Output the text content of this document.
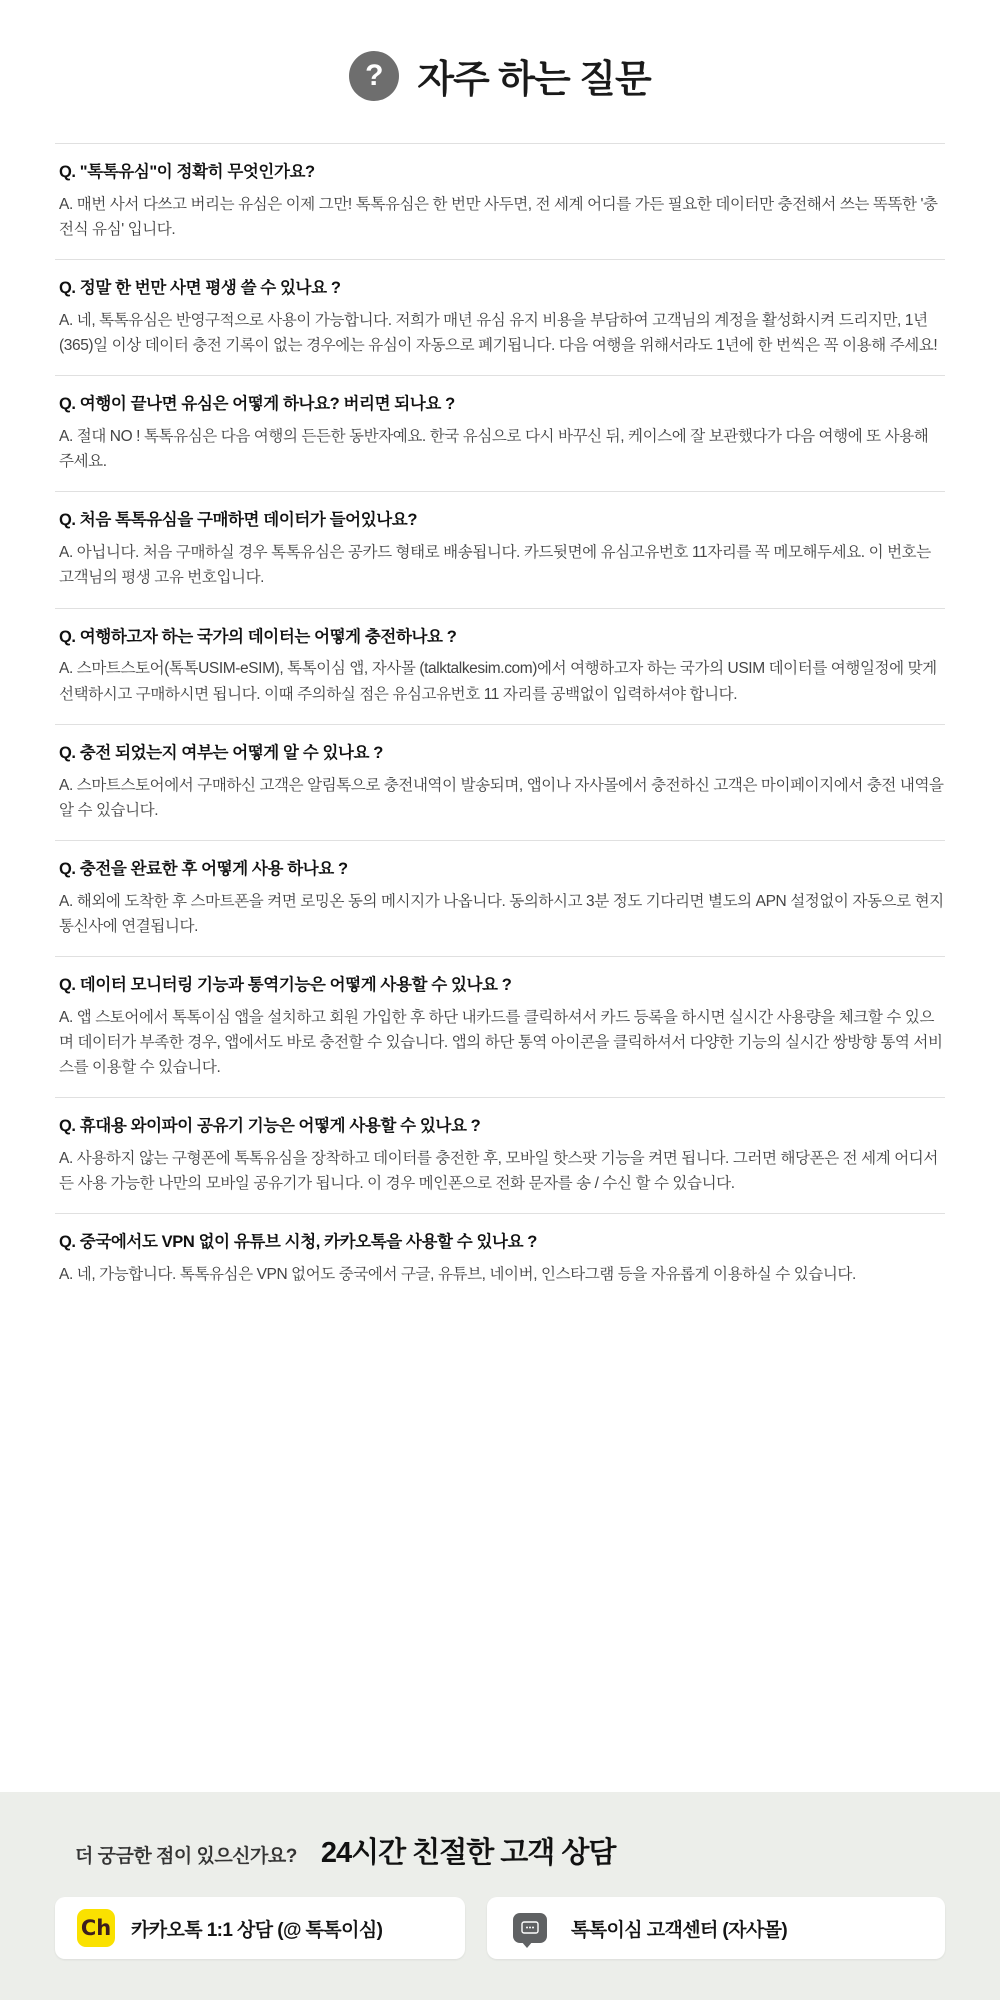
? 자주 하는 질문
Q. "톡톡유심"이 정확히 무엇인가요?
A. 매번 사서 다쓰고 버리는 유심은 이제 그만! 톡톡유심은 한 번만 사두면, 전 세계 어디를 가든 필요한 데이터만 충전해서 쓰는 똑똑한 '충전식 유심' 입니다.
Q. 정말 한 번만 사면 평생 쓸 수 있나요 ?
A. 네, 톡톡유심은 반영구적으로 사용이 가능합니다. 저희가 매년 유심 유지 비용을 부담하여 고객님의 계정을 활성화시켜 드리지만, 1년(365)일 이상 데이터 충전 기록이 없는 경우에는 유심이 자동으로 폐기됩니다. 다음 여행을 위해서라도 1년에 한 번씩은 꼭 이용해 주세요!
Q. 여행이 끝나면 유심은 어떻게 하나요? 버리면 되나요 ?
A. 절대 NO ! 톡톡유심은 다음 여행의 든든한 동반자예요. 한국 유심으로 다시 바꾸신 뒤, 케이스에 잘 보관했다가 다음 여행에 또 사용해 주세요.
Q. 처음 톡톡유심을 구매하면 데이터가 들어있나요?
A. 아닙니다. 처음 구매하실 경우 톡톡유심은 공카드 형태로 배송됩니다. 카드뒷면에 유심고유번호 11자리를 꼭 메모해두세요. 이 번호는 고객님의 평생 고유 번호입니다.
Q. 여행하고자 하는 국가의 데이터는 어떻게 충전하나요 ?
A. 스마트스토어(톡톡USIM-eSIM), 톡톡이심 앱, 자사몰 (talktalkesim.com)에서 여행하고자 하는 국가의 USIM 데이터를 여행일정에 맞게 선택하시고 구매하시면 됩니다. 이때 주의하실 점은 유심고유번호 11 자리를 공백없이 입력하셔야 합니다.
Q. 충전 되었는지 여부는 어떻게 알 수 있나요 ?
A. 스마트스토어에서 구매하신 고객은 알림톡으로 충전내역이 발송되며, 앱이나 자사몰에서 충전하신 고객은 마이페이지에서 충전 내역을 알 수 있습니다.
Q. 충전을 완료한 후 어떻게 사용 하나요 ?
A. 해외에 도착한 후 스마트폰을 켜면 로밍온 동의 메시지가 나옵니다. 동의하시고 3분 정도 기다리면 별도의 APN 설정없이 자동으로 현지 통신사에 연결됩니다.
Q. 데이터 모니터링 기능과 통역기능은 어떻게 사용할 수 있나요 ?
A. 앱 스토어에서 톡톡이심 앱을 설치하고 회원 가입한 후 하단 내카드를 클릭하셔서 카드 등록을 하시면 실시간 사용량을 체크할 수 있으며 데이터가 부족한 경우, 앱에서도 바로 충전할 수 있습니다. 앱의 하단 통역 아이콘을 클릭하셔서 다양한 기능의 실시간 쌍방향 통역 서비스를 이용할 수 있습니다.
Q. 휴대용 와이파이 공유기 기능은 어떻게 사용할 수 있나요 ?
A. 사용하지 않는 구형폰에 톡톡유심을 장착하고 데이터를 충전한 후, 모바일 핫스팟 기능을 켜면 됩니다. 그러면 해당폰은 전 세계 어디서든 사용 가능한 나만의 모바일 공유기가 됩니다. 이 경우 메인폰으로 전화 문자를 송 / 수신 할 수 있습니다.
Q. 중국에서도 VPN 없이 유튜브 시청, 카카오톡을 사용할 수 있나요 ?
A. 네, 가능합니다. 톡톡유심은 VPN 없어도 중국에서 구글, 유튜브, 네이버, 인스타그램 등을 자유롭게 이용하실 수 있습니다.
더 궁금한 점이 있으신가요? 24시간 친절한 고객 상담
Ch 카카오톡 1:1 상담 (@ 톡톡이심)	톡톡이심 고객센터 (자사몰)
